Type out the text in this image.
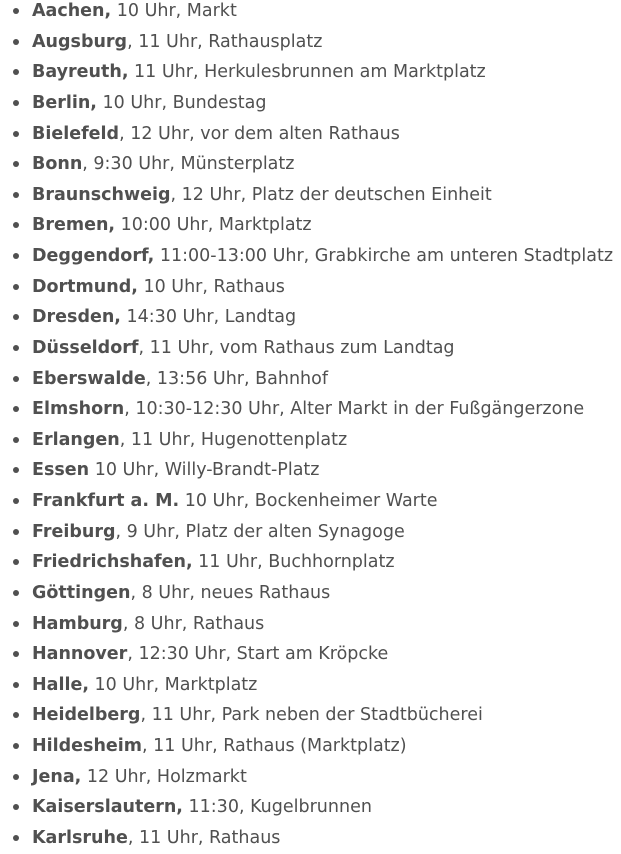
Aachen, 10 Uhr, Markt
Augsburg, 11 Uhr, Rathausplatz
Bayreuth, 11 Uhr, Herkulesbrunnen am Marktplatz
Berlin, 10 Uhr, Bundestag
Bielefeld, 12 Uhr, vor dem alten Rathaus
Bonn, 9:30 Uhr, Münsterplatz
Braunschweig, 12 Uhr, Platz der deutschen Einheit
Bremen, 10:00 Uhr, Marktplatz
Deggendorf, 11:00-13:00 Uhr, Grabkirche am unteren Stadtplatz
Dortmund, 10 Uhr, Rathaus
Dresden, 14:30 Uhr, Landtag
Düsseldorf, 11 Uhr, vom Rathaus zum Landtag
Eberswalde, 13:56 Uhr, Bahnhof
Elmshorn, 10:30-12:30 Uhr, Alter Markt in der Fußgängerzone
Erlangen, 11 Uhr, Hugenottenplatz
Essen 10 Uhr, Willy-Brandt-Platz
Frankfurt a. M. 10 Uhr, Bockenheimer Warte
Freiburg, 9 Uhr, Platz der alten Synagoge
Friedrichshafen, 11 Uhr, Buchhornplatz
Göttingen, 8 Uhr, neues Rathaus
Hamburg, 8 Uhr, Rathaus
Hannover, 12:30 Uhr, Start am Kröpcke
Halle, 10 Uhr, Marktplatz
Heidelberg, 11 Uhr, Park neben der Stadtbücherei
Hildesheim, 11 Uhr, Rathaus (Marktplatz)
Jena, 12 Uhr, Holzmarkt
Kaiserslautern, 11:30, Kugelbrunnen
Karlsruhe, 11 Uhr, Rathaus
